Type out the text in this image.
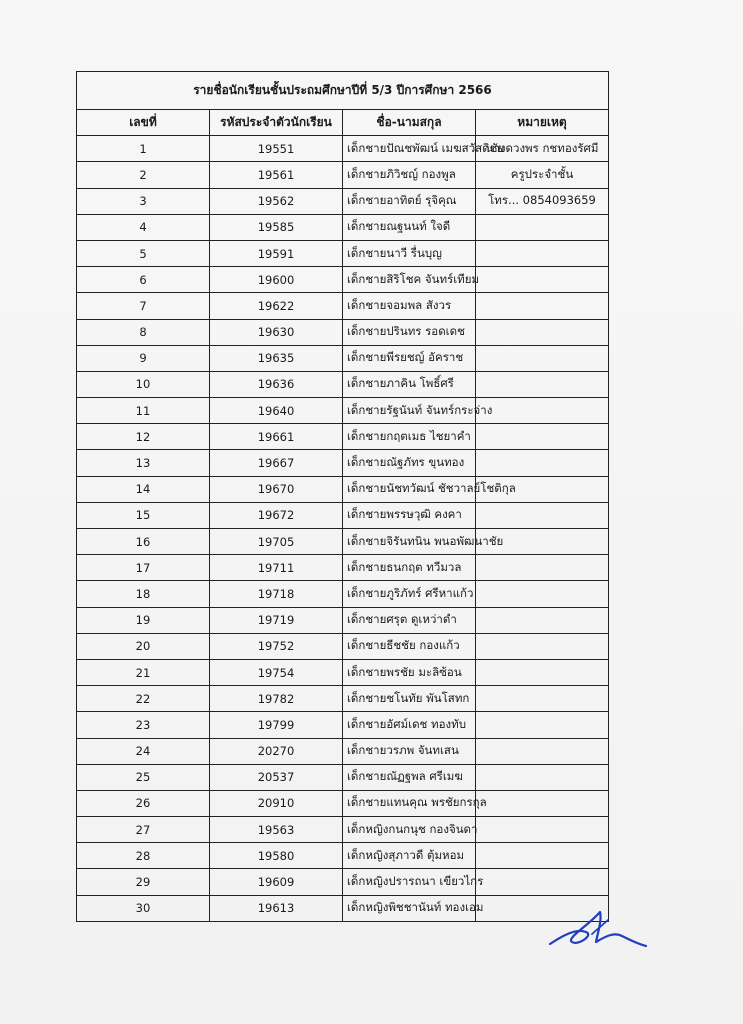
รายชื่อนักเรียนชั้นประถมศึกษาปีที่ 5/3 ปีการศึกษา 2566			
เลขที่	รหัสประจำตัวนักเรียน	ชื่อ-นามสกุล	หมายเหตุ
1	19551	เด็กชายปัณชพัฒน์ เมฆสวัสดิชัย	นางดวงพร กชทองรัศมี
2	19561	เด็กชายภิวิชญ์ กองพูล	ครูประจำชั้น
3	19562	เด็กชายอาทิตย์ รุจิคุณ	โทร... 0854093659
4	19585	เด็กชายณฐนนท์ ใจดี	
5	19591	เด็กชายนาวี รื่นบุญ	
6	19600	เด็กชายสิริโชค จันทร์เทียม	
7	19622	เด็กชายจอมพล สังวร	
8	19630	เด็กชายปรินทร รอดเดช	
9	19635	เด็กชายพีรยชญ์ อัคราช	
10	19636	เด็กชายภาคิน โพธิ์ศรี	
11	19640	เด็กชายรัฐนันท์ จันทร์กระจ่าง	
12	19661	เด็กชายกฤตเมธ ไชยาคำ	
13	19667	เด็กชายณัฐภัทร ขุนทอง	
14	19670	เด็กชายนัชทวัฒน์ ชัชวาลย์โชติกุล	
15	19672	เด็กชายพรรษวุฒิ คงคา	
16	19705	เด็กชายจิรันทนิน พนอพัฒนาชัย	
17	19711	เด็กชายธนกฤต ทวีมวล	
18	19718	เด็กชายภูริภัทร์ ศรีหาแก้ว	
19	19719	เด็กชายศรุต ดูเหว่าดำ	
20	19752	เด็กชายธีชชัย กองแก้ว	
21	19754	เด็กชายพรชัย มะลิซ้อน	
22	19782	เด็กชายชโนทัย พันโสทก	
23	19799	เด็กชายอัศม์เดช ทองทับ	
24	20270	เด็กชายวรภพ จันทเสน	
25	20537	เด็กชายณัฏฐพล ศรีเมฆ	
26	20910	เด็กชายแทนคุณ พรชัยกรกุล	
27	19563	เด็กหญิงกนกนุช กองจินดา	
28	19580	เด็กหญิงสุภาวดี ตุ้มหอม	
29	19609	เด็กหญิงปรารถนา เขียวไกร	
30	19613	เด็กหญิงพิชชานันท์ ทองเอม	
